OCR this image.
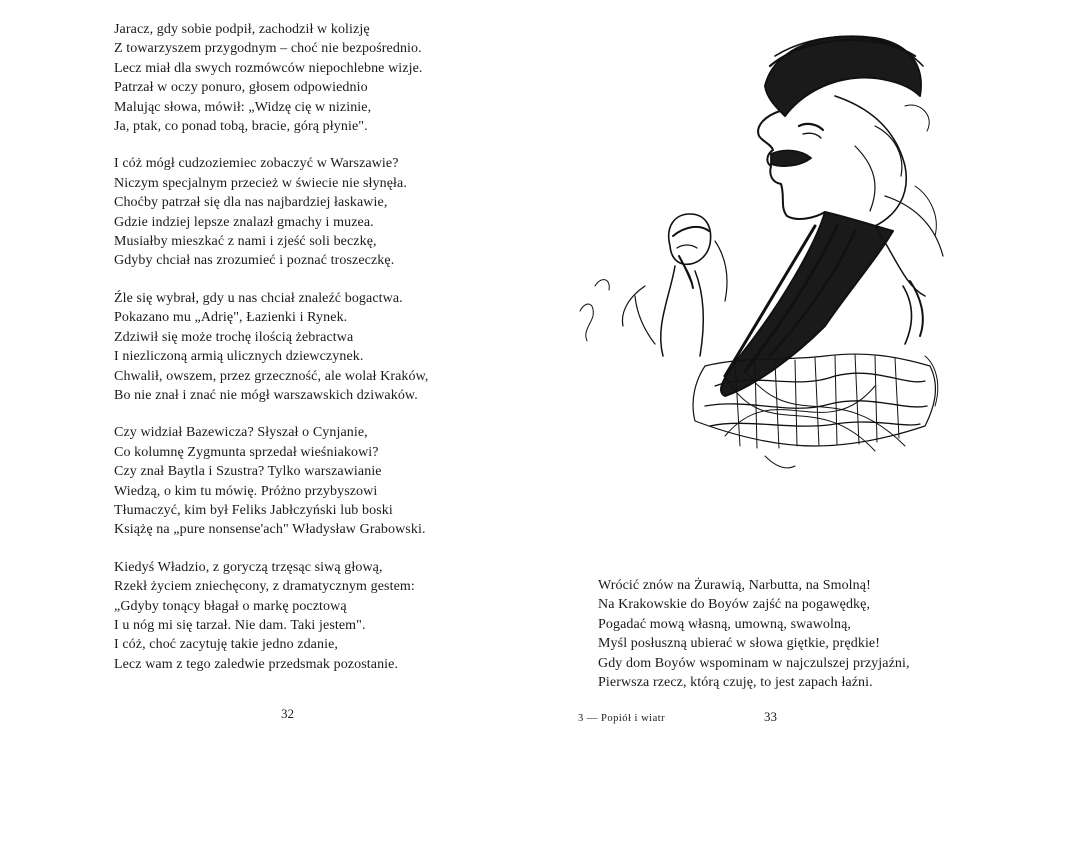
Jaracz, gdy sobie podpił, zachodził w kolizję
Z towarzyszem przygodnym – choć nie bezpośrednio.
Lecz miał dla swych rozmówców niepochlebne wizje.
Patrzał w oczy ponuro, głosem odpowiednio
Malując słowa, mówił: „Widzę cię w nizinie,
Ja, ptak, co ponad tobą, bracie, górą płynie".
I cóż mógł cudzoziemiec zobaczyć w Warszawie?
Niczym specjalnym przecież w świecie nie słynęła.
Choćby patrzał się dla nas najbardziej łaskawie,
Gdzie indziej lepsze znalazł gmachy i muzea.
Musiałby mieszkać z nami i zjeść soli beczkę,
Gdyby chciał nas zrozumieć i poznać troszeczkę.
Źle się wybrał, gdy u nas chciał znaleźć bogactwa.
Pokazano mu „Adrię", Łazienki i Rynek.
Zdziwił się może trochę ilością żebractwa
I niezliczoną armią ulicznych dziewczynek.
Chwalił, owszem, przez grzeczność, ale wolał Kraków,
Bo nie znał i znać nie mógł warszawskich dziwaków.
Czy widział Bazewicza? Słyszał o Cynjanie,
Co kolumnę Zygmunta sprzedał wieśniakowi?
Czy znał Baytla i Szustra? Tylko warszawianie
Wiedzą, o kim tu mówię. Próżno przybyszowi
Tłumaczyć, kim był Feliks Jabłczyński lub boski
Książę na „pure nonsense'ach" Władysław Grabowski.
Kiedyś Władzio, z goryczą trzęsąc siwą głową,
Rzekł życiem zniechęcony, z dramatycznym gestem:
„Gdyby tonący błagał o markę pocztową
I u nóg mi się tarzał. Nie dam. Taki jestem".
I cóż, choć zacytuję takie jedno zdanie,
Lecz wam z tego zaledwie przedsmak pozostanie.
32
Wrócić znów na Żurawią, Narbutta, na Smolną!
Na Krakowskie do Boyów zajść na pogawędkę,
Pogadać mową własną, umowną, swawolną,
Myśl posłuszną ubierać w słowa giętkie, prędkie!
Gdy dom Boyów wspominam w najczulszej przyjaźni,
Pierwsza rzecz, którą czuję, to jest zapach łaźni.
3 — Popiół i wiatr	33
